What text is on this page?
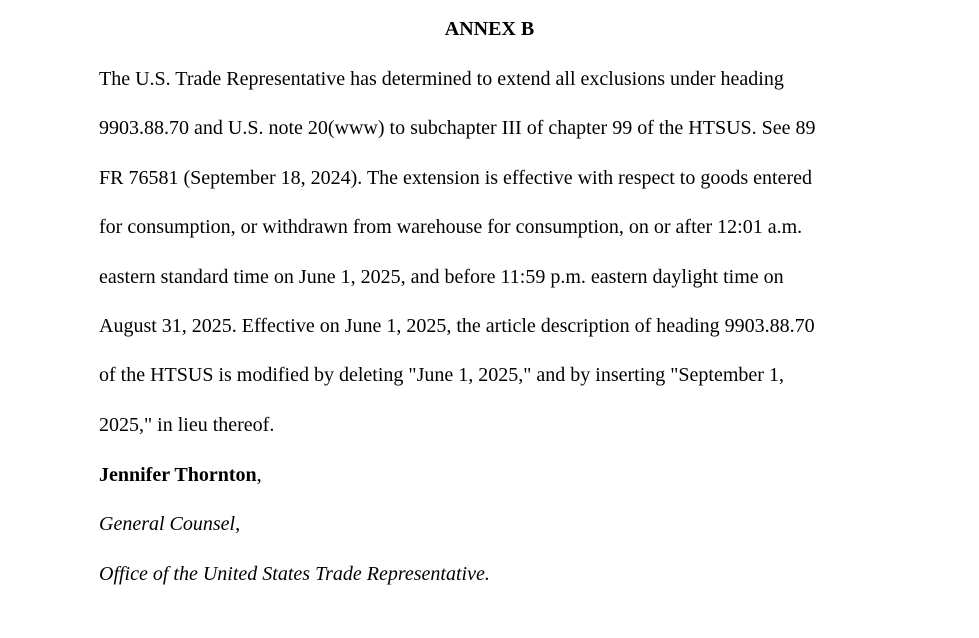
ANNEX B
The U.S. Trade Representative has determined to extend all exclusions under heading
9903.88.70 and U.S. note 20(www) to subchapter III of chapter 99 of the HTSUS. See 89
FR 76581 (September 18, 2024). The extension is effective with respect to goods entered
for consumption, or withdrawn from warehouse for consumption, on or after 12:01 a.m.
eastern standard time on June 1, 2025, and before 11:59 p.m. eastern daylight time on
August 31, 2025. Effective on June 1, 2025, the article description of heading 9903.88.70
of the HTSUS is modified by deleting "June 1, 2025," and by inserting "September 1,
2025," in lieu thereof.
Jennifer Thornton,
General Counsel,
Office of the United States Trade Representative.
